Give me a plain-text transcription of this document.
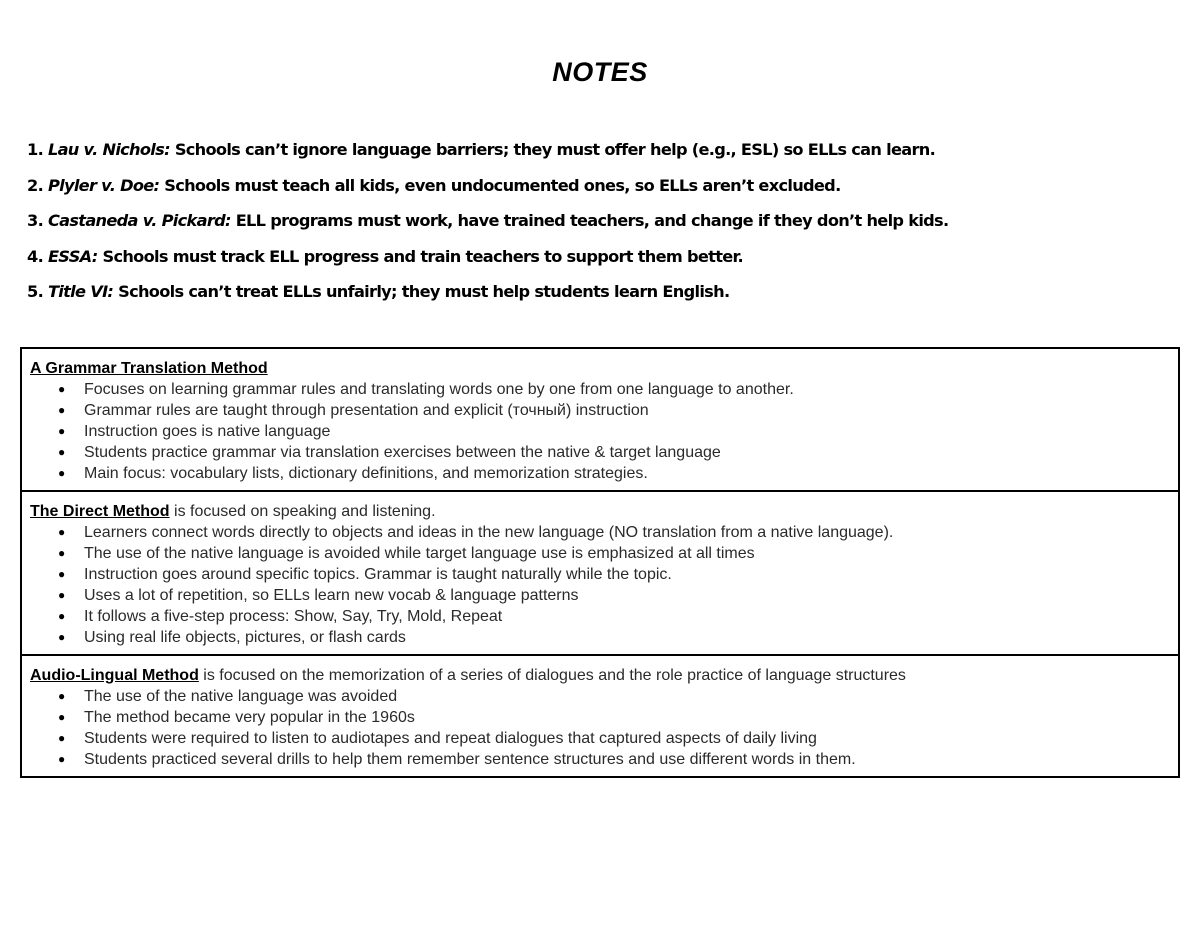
NOTES
1. Lau v. Nichols: Schools can’t ignore language barriers; they must offer help (e.g., ESL) so ELLs can learn.
2. Plyler v. Doe: Schools must teach all kids, even undocumented ones, so ELLs aren’t excluded.
3. Castaneda v. Pickard: ELL programs must work, have trained teachers, and change if they don’t help kids.
4. ESSA: Schools must track ELL progress and train teachers to support them better.
5. Title VI: Schools can’t treat ELLs unfairly; they must help students learn English.
A Grammar Translation Method
● Focuses on learning grammar rules and translating words one by one from one language to another.
● Grammar rules are taught through presentation and explicit (точный) instruction
● Instruction goes is native language
● Students practice grammar via translation exercises between the native & target language
● Main focus: vocabulary lists, dictionary definitions, and memorization strategies.

The Direct Method is focused on speaking and listening.
● Learners connect words directly to objects and ideas in the new language (NO translation from a native language).
● The use of the native language is avoided while target language use is emphasized at all times
● Instruction goes around specific topics. Grammar is taught naturally while the topic.
● Uses a lot of repetition, so ELLs learn new vocab & language patterns
● It follows a five-step process: Show, Say, Try, Mold, Repeat
● Using real life objects, pictures, or flash cards

Audio-Lingual Method is focused on the memorization of a series of dialogues and the role practice of language structures
● The use of the native language was avoided
● The method became very popular in the 1960s
● Students were required to listen to audiotapes and repeat dialogues that captured aspects of daily living
● Students practiced several drills to help them remember sentence structures and use different words in them.
